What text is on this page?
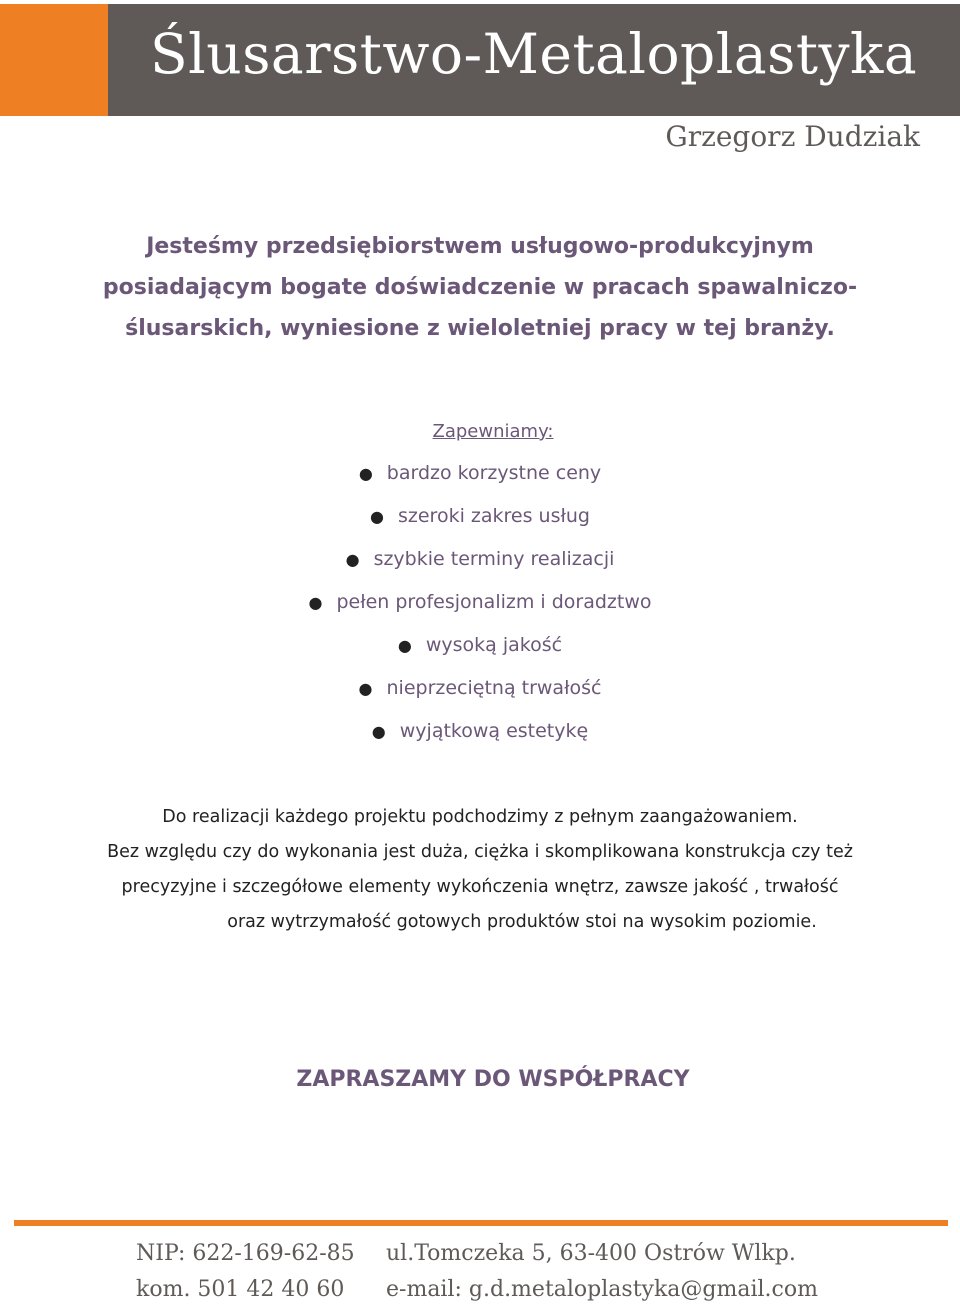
Ślusarstwo-Metaloplastyka
Grzegorz Dudziak
Jesteśmy przedsiębiorstwem usługowo-produkcyjnym
posiadającym bogate doświadczenie w pracach spawalniczo-
ślusarskich, wyniesione z wieloletniej pracy w tej branży.
Zapewniamy:
● bardzo korzystne ceny
● szeroki zakres usług
● szybkie terminy realizacji
● pełen profesjonalizm i doradztwo
● wysoką jakość
● nieprzeciętną trwałość
● wyjątkową estetykę
Do realizacji każdego projektu podchodzimy z pełnym zaangażowaniem.
Bez względu czy do wykonania jest duża, ciężka i skomplikowana konstrukcja czy też
precyzyjne i szczegółowe elementy wykończenia wnętrz, zawsze jakość , trwałość
oraz wytrzymałość gotowych produktów stoi na wysokim poziomie.
ZAPRASZAMY DO WSPÓŁPRACY
NIP: 622-169-62-85 ul.Tomczeka 5, 63-400 Ostrów Wlkp.
kom. 501 42 40 60 e-mail: g.d.metaloplastyka@gmail.com
